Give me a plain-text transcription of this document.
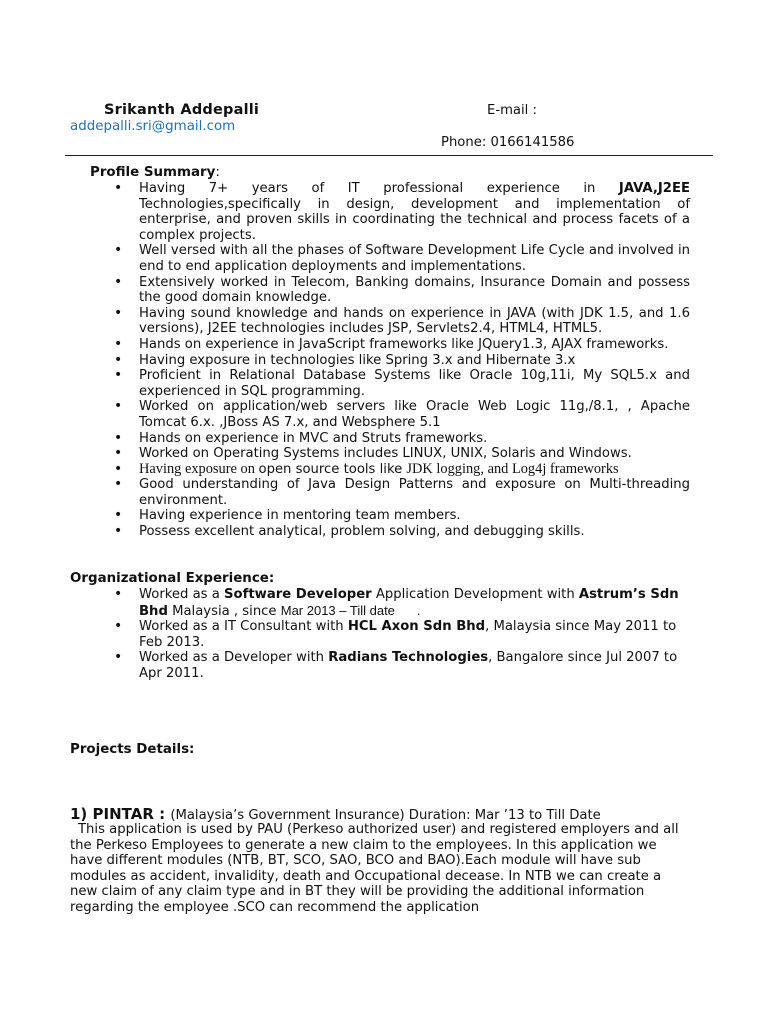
Srikanth Addepalli	E-mail :
addepalli.sri@gmail.com
Phone: 0166141586
Profile Summary:
• Having 7+ years of IT professional experience in JAVA,J2EE Technologies,specifically in design, development and implementation of enterprise, and proven skills in coordinating the technical and process facets of a complex projects.
• Well versed with all the phases of Software Development Life Cycle and involved in end to end application deployments and implementations.
• Extensively worked in Telecom, Banking domains, Insurance Domain and possess the good domain knowledge.
• Having sound knowledge and hands on experience in JAVA (with JDK 1.5, and 1.6 versions), J2EE technologies includes JSP, Servlets2.4, HTML4, HTML5.
• Hands on experience in JavaScript frameworks like JQuery1.3, AJAX frameworks.
• Having exposure in technologies like Spring 3.x and Hibernate 3.x
• Proficient in Relational Database Systems like Oracle 10g,11i, My SQL5.x and experienced in SQL programming.
• Worked on application/web servers like Oracle Web Logic 11g,/8.1, , Apache Tomcat 6.x. ,JBoss AS 7.x, and Websphere 5.1
• Hands on experience in MVC and Struts frameworks.
• Worked on Operating Systems includes LINUX, UNIX, Solaris and Windows.
• Having exposure on open source tools like JDK logging, and Log4j frameworks
• Good understanding of Java Design Patterns and exposure on Multi-threading environment.
• Having experience in mentoring team members.
• Possess excellent analytical, problem solving, and debugging skills.
Organizational Experience:
• Worked as a Software Developer Application Development with Astrum’s Sdn Bhd Malaysia , since Mar 2013 – Till date .
• Worked as a IT Consultant with HCL Axon Sdn Bhd, Malaysia since May 2011 to Feb 2013.
• Worked as a Developer with Radians Technologies, Bangalore since Jul 2007 to Apr 2011.
Projects Details:
1) PINTAR : (Malaysia’s Government Insurance) Duration: Mar ’13 to Till Date
This application is used by PAU (Perkeso authorized user) and registered employers and all the Perkeso Employees to generate a new claim to the employees. In this application we have different modules (NTB, BT, SCO, SAO, BCO and BAO).Each module will have sub modules as accident, invalidity, death and Occupational decease. In NTB we can create a new claim of any claim type and in BT they will be providing the additional information regarding the employee .SCO can recommend the application
